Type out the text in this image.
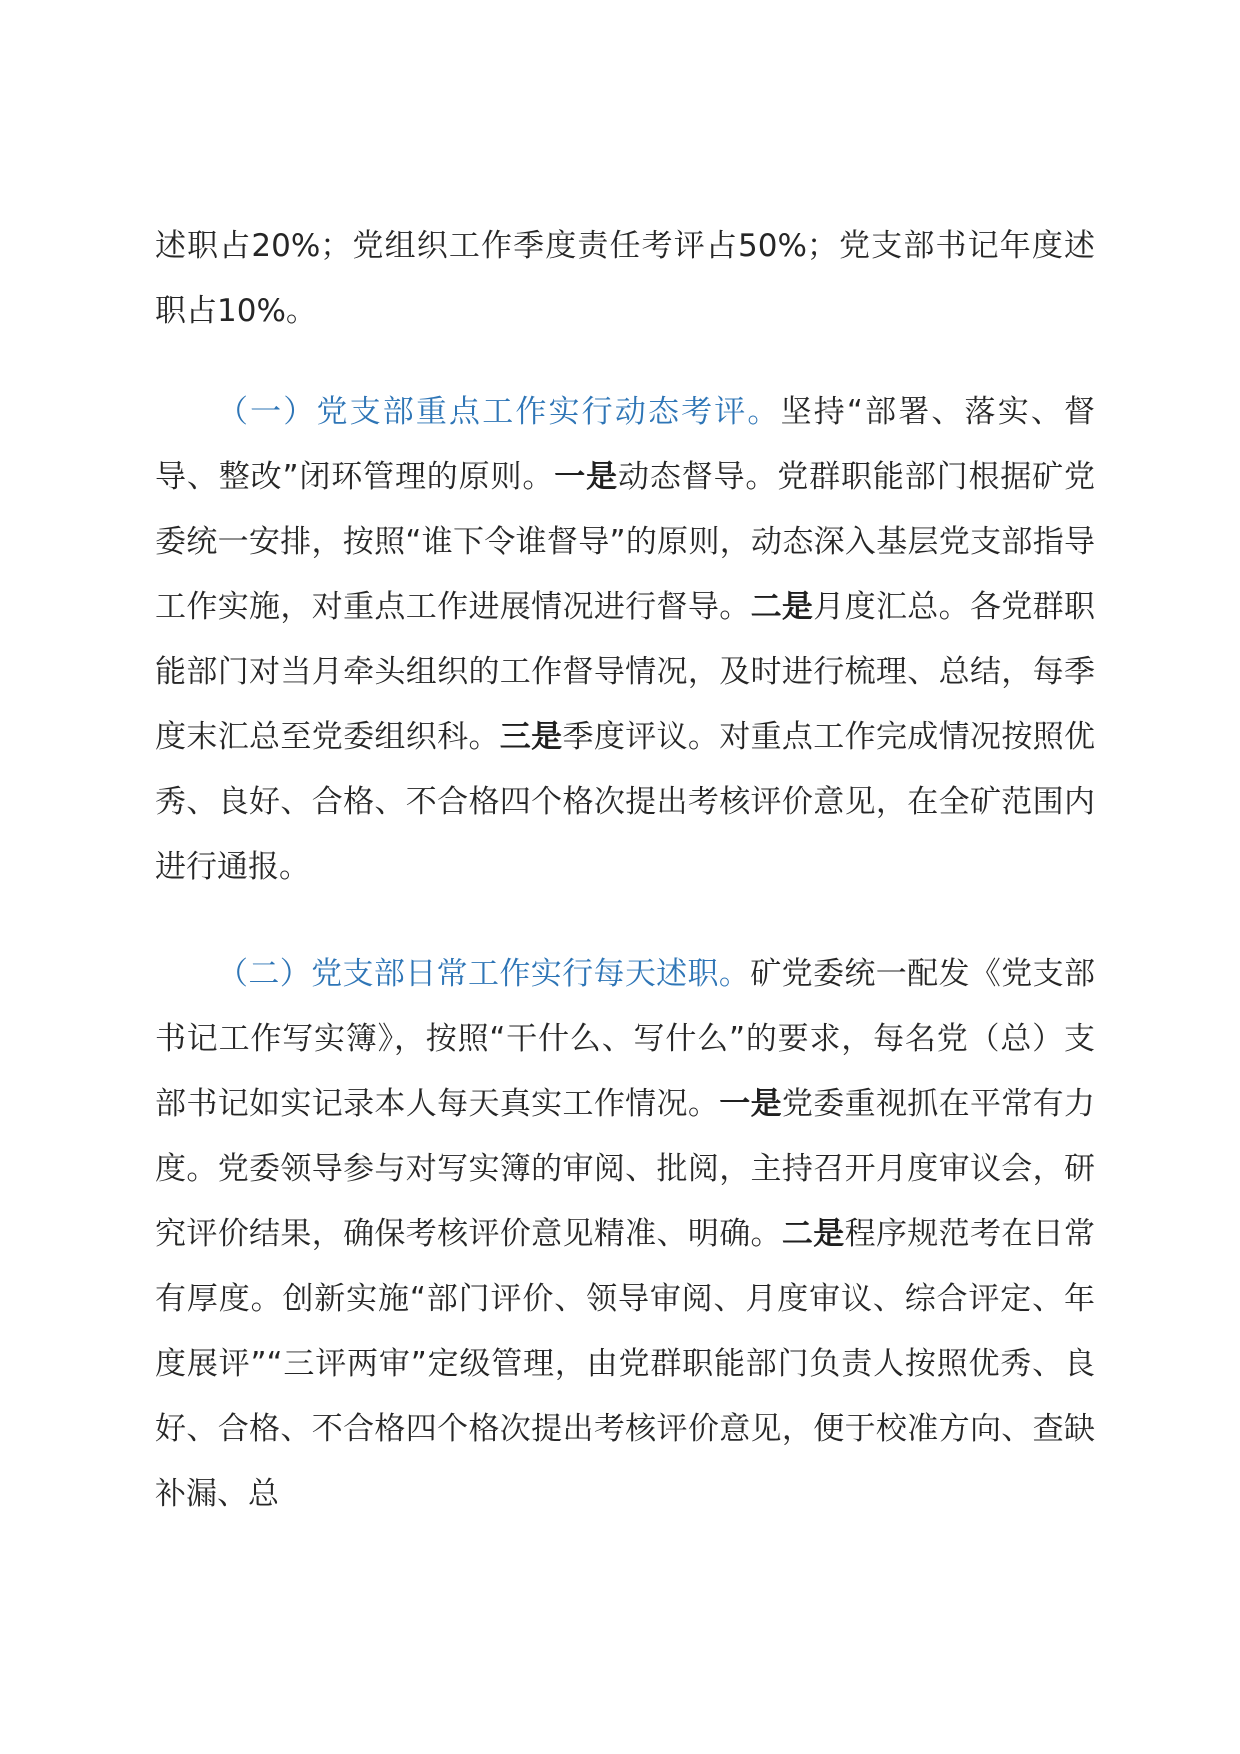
述职占20%；党组织工作季度责任考评占50%；党支部书记年度述职占10%。

（一）党支部重点工作实行动态考评。坚持“部署、落实、督导、整改”闭环管理的原则。一是动态督导。党群职能部门根据矿党委统一安排，按照“谁下令谁督导”的原则，动态深入基层党支部指导工作实施，对重点工作进展情况进行督导。二是月度汇总。各党群职能部门对当月牵头组织的工作督导情况，及时进行梳理、总结，每季度末汇总至党委组织科。三是季度评议。对重点工作完成情况按照优秀、良好、合格、不合格四个格次提出考核评价意见，在全矿范围内进行通报。

（二）党支部日常工作实行每天述职。矿党委统一配发《党支部书记工作写实簿》，按照“干什么、写什么”的要求，每名党（总）支部书记如实记录本人每天真实工作情况。一是党委重视抓在平常有力度。党委领导参与对写实簿的审阅、批阅，主持召开月度审议会，研究评价结果，确保考核评价意见精准、明确。二是程序规范考在日常有厚度。创新实施“部门评价、领导审阅、月度审议、综合评定、年度展评”“三评两审”定级管理，由党群职能部门负责人按照优秀、良好、合格、不合格四个格次提出考核评价意见，便于校准方向、查缺补漏、总
